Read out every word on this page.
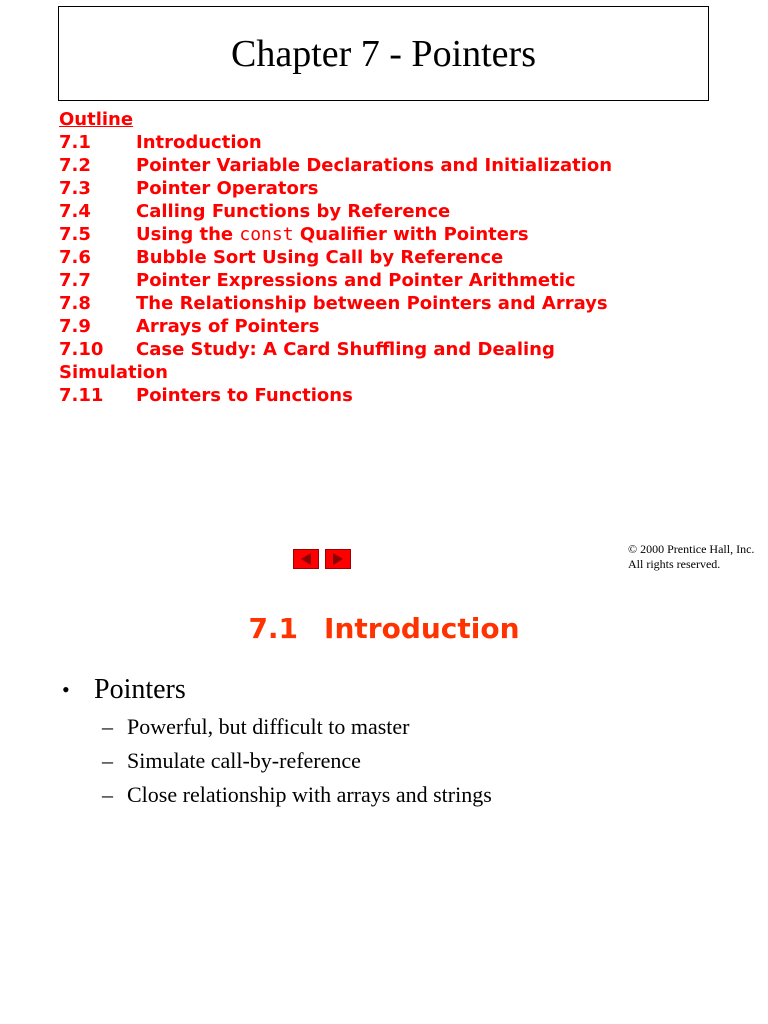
Chapter 7 - Pointers
Outline
7.1	Introduction
7.2	Pointer Variable Declarations and Initialization
7.3	Pointer Operators
7.4	Calling Functions by Reference
7.5	Using the const Qualifier with Pointers
7.6	Bubble Sort Using Call by Reference
7.7	Pointer Expressions and Pointer Arithmetic
7.8	The Relationship between Pointers and Arrays
7.9	Arrays of Pointers
7.10 Case Study: A Card Shuffling and Dealing Simulation
7.11	Pointers to Functions
© 2000 Prentice Hall, Inc.
All rights reserved.
7.1 Introduction
• Pointers
– Powerful, but difficult to master
– Simulate call-by-reference
– Close relationship with arrays and strings
